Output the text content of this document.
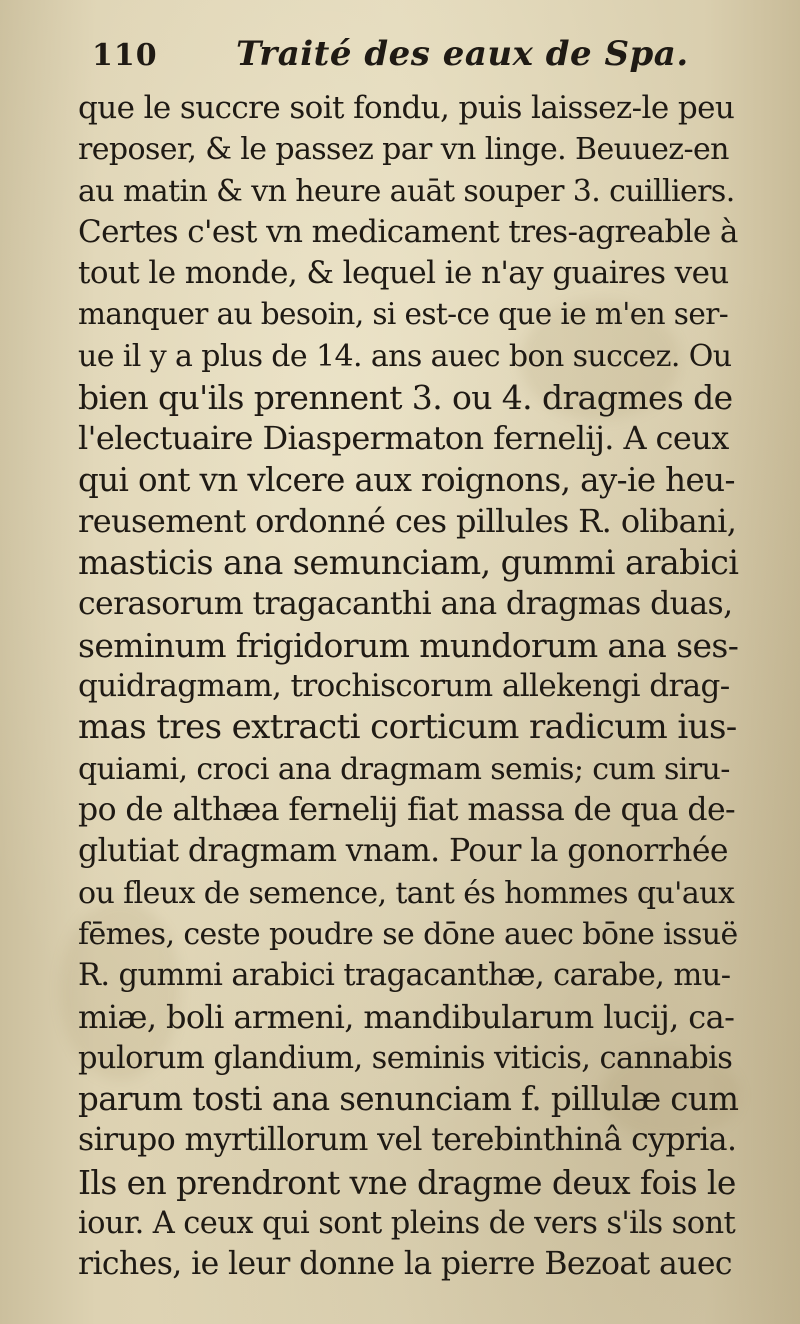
110 Traité des eaux de Spa.
que le succre soit fondu, puis laissez-le peu
reposer, & le passez par vn linge. Beuuez-en
au matin & vn heure auāt souper 3. cuilliers.
Certes c'est vn medicament tres-agreable à
tout le monde, & lequel ie n'ay guaires veu
manquer au besoin, si est-ce que ie m'en ser-
ue il y a plus de 14. ans auec bon succez. Ou
bien qu'ils prennent 3. ou 4. dragmes de
l'electuaire Diaspermaton fernelij. A ceux
qui ont vn vlcere aux roignons, ay-ie heu-
reusement ordonné ces pillules R. olibani,
masticis ana semunciam, gummi arabici
cerasorum tragacanthi ana dragmas duas,
seminum frigidorum mundorum ana ses-
quidragmam, trochiscorum allekengi drag-
mas tres extracti corticum radicum ius-
quiami, croci ana dragmam semis; cum siru-
po de althæa fernelij fiat massa de qua de-
glutiat dragmam vnam. Pour la gonorrhée
ou fleux de semence, tant és hommes qu'aux
fēmes, ceste poudre se dōne auec bōne issuë
R. gummi arabici tragacanthæ, carabe, mu-
miæ, boli armeni, mandibularum lucij, ca-
pulorum glandium, seminis viticis, cannabis
parum tosti ana senunciam f. pillulæ cum
sirupo myrtillorum vel terebinthinâ cypria.
Ils en prendront vne dragme deux fois le
iour. A ceux qui sont pleins de vers s'ils sont
riches, ie leur donne la pierre Bezoat auec
